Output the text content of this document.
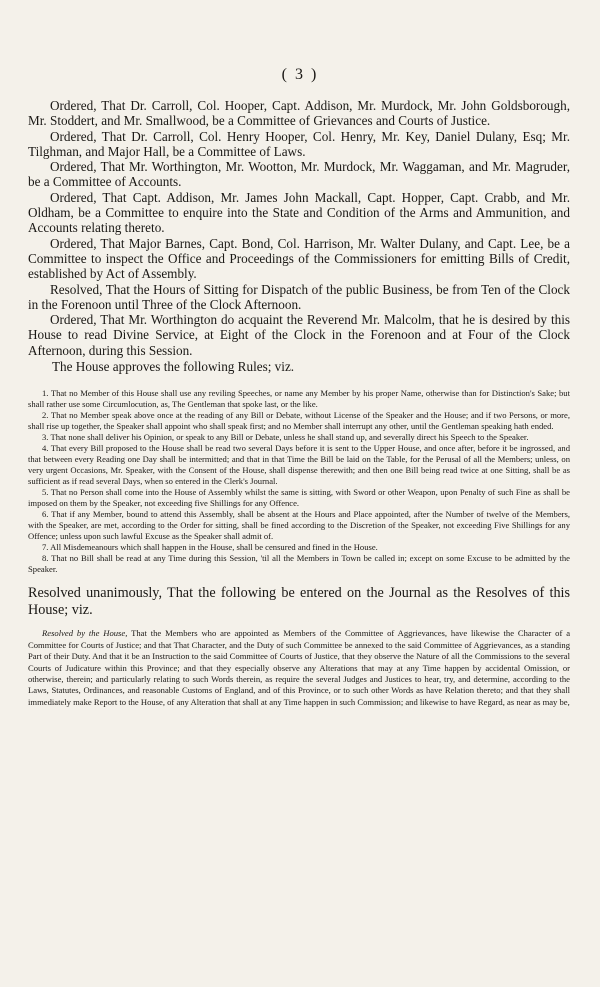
( 3 )

Ordered, That Dr. Carroll, Col. Hooper, Capt. Addison, Mr. Murdock, Mr. John Goldsborough, Mr. Stoddert, and Mr. Smallwood, be a Committee of Grievances and Courts of Justice.

Ordered, That Dr. Carroll, Col. Henry Hooper, Col. Henry, Mr. Key, Daniel Dulany, Esq; Mr. Tilghman, and Major Hall, be a Committee of Laws.

Ordered, That Mr. Worthington, Mr. Wootton, Mr. Murdock, Mr. Waggaman, and Mr. Magruder, be a Committee of Accounts.

Ordered, That Capt. Addison, Mr. James John Mackall, Capt. Hopper, Capt. Crabb, and Mr. Oldham, be a Committee to enquire into the State and Condition of the Arms and Ammunition, and Accounts relating thereto.

Ordered, That Major Barnes, Capt. Bond, Col. Harrison, Mr. Walter Dulany, and Capt. Lee, be a Committee to inspect the Office and Proceedings of the Commissioners for emitting Bills of Credit, established by Act of Assembly.

Resolved, That the Hours of Sitting for Dispatch of the public Business, be from Ten of the Clock in the Forenoon until Three of the Clock Afternoon.

Ordered, That Mr. Worthington do acquaint the Reverend Mr. Malcolm, that he is desired by this House to read Divine Service, at Eight of the Clock in the Forenoon and at Four of the Clock Afternoon, during this Session.

The House approves the following Rules; viz.

1. That no Member of this House shall use any reviling Speeches, or name any Member by his proper Name, otherwise than for Distinction's Sake; but shall rather use some Circumlocution, as, The Gentleman that spoke last, or the like.

2. That no Member speak above once at the reading of any Bill or Debate, without License of the Speaker and the House; and if two Persons, or more, shall rise up together, the Speaker shall appoint who shall speak first; and no Member shall interrupt any other, until the Gentleman speaking hath ended.

3. That none shall deliver his Opinion, or speak to any Bill or Debate, unless he shall stand up, and severally direct his Speech to the Speaker.

4. That every Bill proposed to the House shall be read two several Days before it is sent to the Upper House, and once after, before it be ingrossed, and that between every Reading one Day shall be intermitted; and that in that Time the Bill be laid on the Table, for the Perusal of all the Members; unless, on very urgent Occasions, Mr. Speaker, with the Consent of the House, shall dispense therewith; and then one Bill being read twice at one Sitting, shall be as sufficient as if read several Days, when so entered in the Clerk's Journal.

5. That no Person shall come into the House of Assembly whilst the same is sitting, with Sword or other Weapon, upon Penalty of such Fine as shall be imposed on them by the Speaker, not exceeding five Shillings for any Offence.

6. That if any Member, bound to attend this Assembly, shall be absent at the Hours and Place appointed, after the Number of twelve of the Members, with the Speaker, are met, according to the Order for sitting, shall be fined according to the Discretion of the Speaker, not exceeding Five Shillings for any Offence; unless upon such lawful Excuse as the Speaker shall admit of.

7. All Misdemeanours which shall happen in the House, shall be censured and fined in the House.

8. That no Bill shall be read at any Time during this Session, 'til all the Members in Town be called in; except on some Excuse to be admitted by the Speaker.

Resolved unanimously, That the following be entered on the Journal as the Resolves of this House; viz.

Resolved by the House, That the Members who are appointed as Members of the Committee of Aggrievances, have likewise the Character of a Committee for Courts of Justice; and that That Character, and the Duty of such Committee be annexed to the said Committee of Aggrievances, as a standing Part of their Duty. And that it be an Instruction to the said Committee of Courts of Justice, that they observe the Nature of all the Commissions to the several Courts of Judicature within this Province; and that they especially observe any Alterations that may at any Time happen by accidental Omission, or otherwise, therein; and particularly relating to such Words therein, as require the several Judges and Justices to hear, try, and determine, according to the Laws, Statutes, Ordinances, and reasonable Customs of England, and of this Province, or to such other Words as have Relation thereto; and that they shall immediately make Report to the House, of any Alteration that shall at any Time happen in such Commission; and likewise to have Regard, as near as may be,
